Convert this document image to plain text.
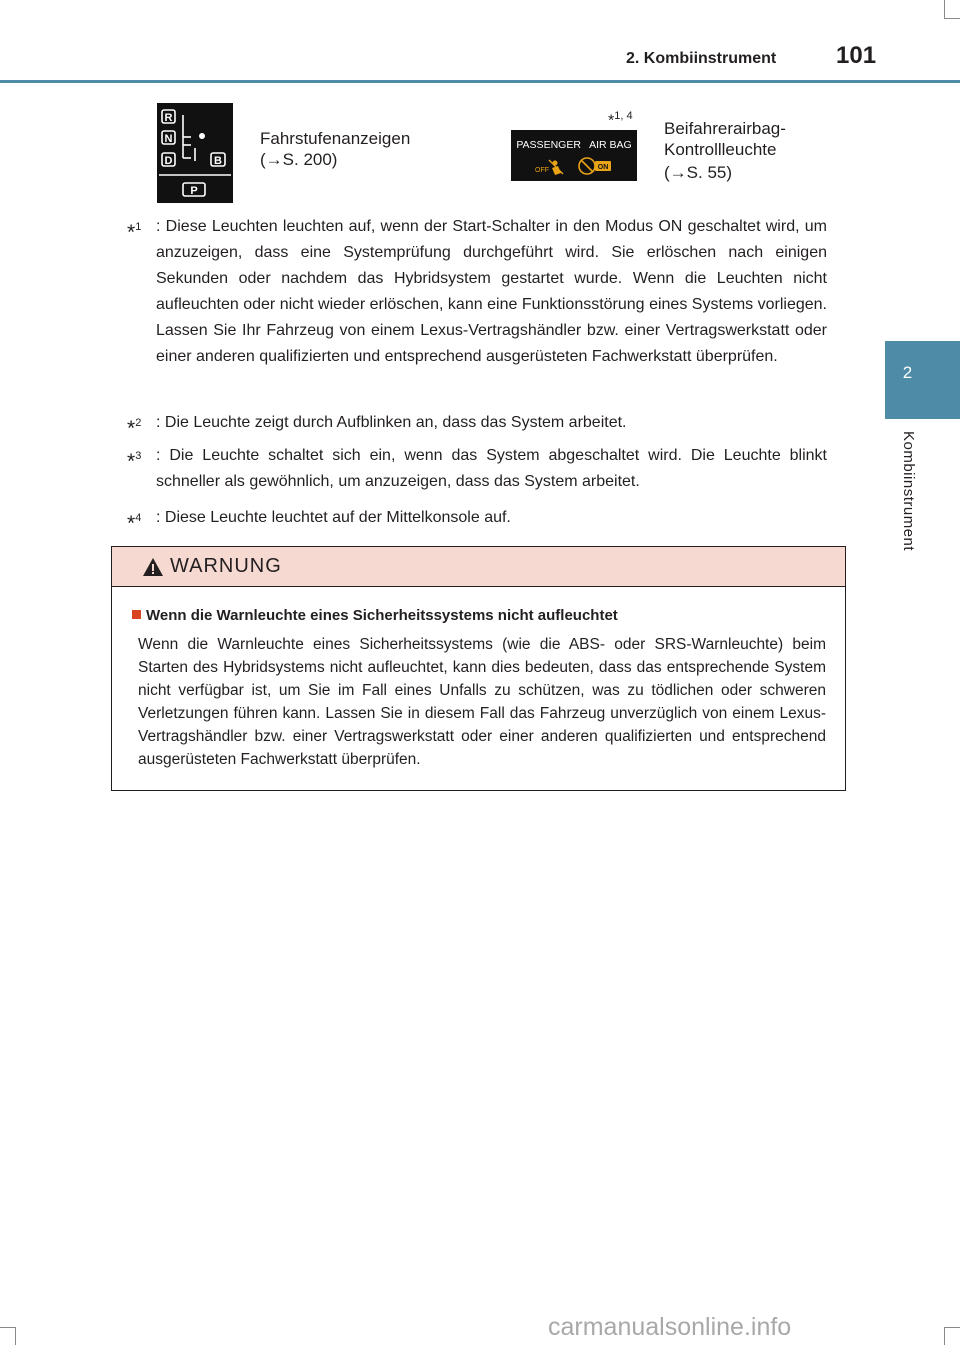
2. Kombiinstrument 101
2
Kombiinstrument
R
N
D	B
P
Fahrstufenanzeigen
(→S. 200)
*$^{1, 4}$
PASSENGER   AIR BAG
OFF	ON
Beifahrerairbag-
Kontrollleuchte
(→S. 55)
*$^1$ : Diese Leuchten leuchten auf, wenn der Start-Schalter in den Modus ON geschaltet wird, um anzuzeigen, dass eine Systemprüfung durchgeführt wird. Sie erlöschen nach einigen Sekunden oder nachdem das Hybridsystem gestartet wurde. Wenn die Leuchten nicht aufleuchten oder nicht wieder erlöschen, kann eine Funktionsstörung eines Systems vorliegen. Lassen Sie Ihr Fahrzeug von einem Lexus-Vertragshändler bzw. einer Vertragswerkstatt oder einer anderen qualifizierten und entsprechend ausgerüsteten Fachwerkstatt überprüfen.
*$^2$ : Die Leuchte zeigt durch Aufblinken an, dass das System arbeitet.
*$^3$ : Die Leuchte schaltet sich ein, wenn das System abgeschaltet wird. Die Leuchte blinkt schneller als gewöhnlich, um anzuzeigen, dass das System arbeitet.
*$^4$ : Diese Leuchte leuchtet auf der Mittelkonsole auf.
WARNUNG
Wenn die Warnleuchte eines Sicherheitssystems nicht aufleuchtet
Wenn die Warnleuchte eines Sicherheitssystems (wie die ABS- oder SRS-Warnleuchte) beim Starten des Hybridsystems nicht aufleuchtet, kann dies bedeuten, dass das entsprechende System nicht verfügbar ist, um Sie im Fall eines Unfalls zu schützen, was zu tödlichen oder schweren Verletzungen führen kann. Lassen Sie in diesem Fall das Fahrzeug unverzüglich von einem Lexus-Vertragshändler bzw. einer Vertragswerkstatt oder einer anderen qualifizierten und entsprechend ausgerüsteten Fachwerkstatt überprüfen.
carmanualsonline.info
